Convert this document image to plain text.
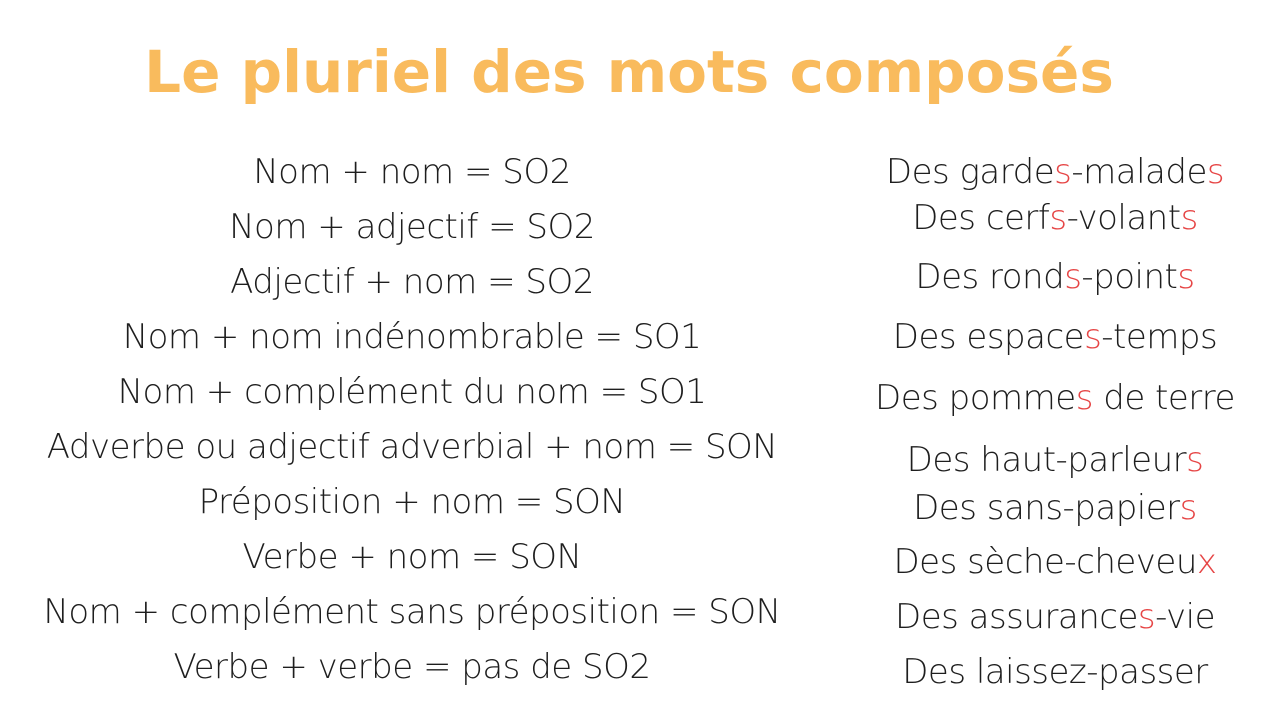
Le pluriel des mots composés
Nom + nom = SO2
Nom + adjectif = SO2
Adjectif + nom = SO2
Nom + nom indénombrable = SO1
Nom + complément du nom = SO1
Adverbe ou adjectif adverbial + nom = SON
Préposition + nom = SON
Verbe + nom = SON
Nom + complément sans préposition = SON
Verbe + verbe = pas de SO2
Des gardes-malades
Des cerfs-volants
Des ronds-points
Des espaces-temps
Des pommes de terre
Des haut-parleurs
Des sans-papiers
Des sèche-cheveux
Des assurances-vie
Des laissez-passer
